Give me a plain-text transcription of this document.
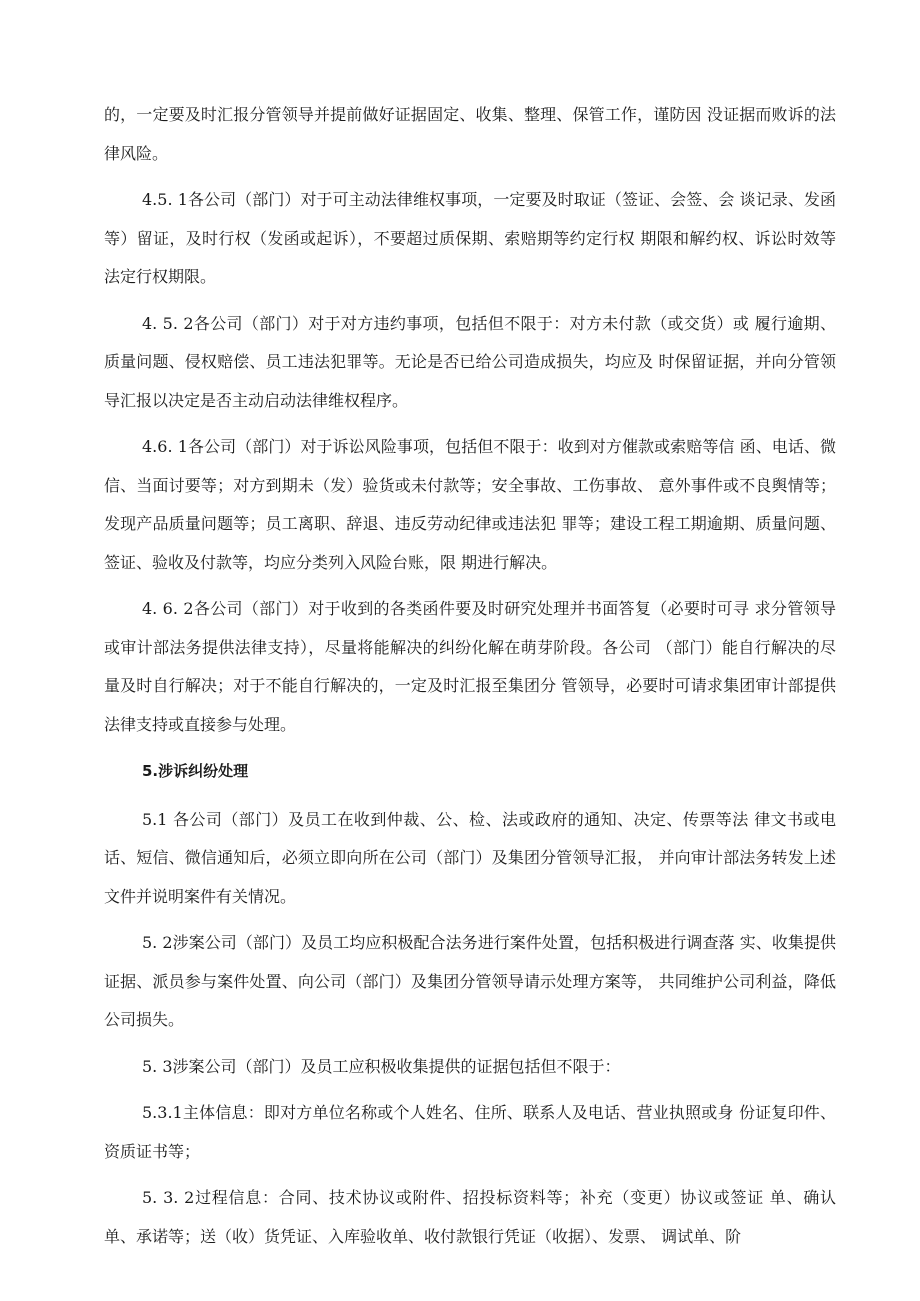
的，一定要及时汇报分管领导并提前做好证据固定、收集、整理、保管工作，谨防因 没证据而败诉的法律风险。

4.5. 1各公司（部门）对于可主动法律维权事项，一定要及时取证（签证、会签、会 谈记录、发函等）留证，及时行权（发函或起诉），不要超过质保期、索赔期等约定行权 期限和解约权、诉讼时效等法定行权期限。

4. 5. 2各公司（部门）对于对方违约事项，包括但不限于：对方未付款（或交货）或 履行逾期、质量问题、侵权赔偿、员工违法犯罪等。无论是否已给公司造成损失，均应及 时保留证据，并向分管领导汇报以决定是否主动启动法律维权程序。

4.6. 1各公司（部门）对于诉讼风险事项，包括但不限于：收到对方催款或索赔等信 函、电话、微信、当面讨要等；对方到期未（发）验货或未付款等；安全事故、工伤事故、 意外事件或不良舆情等；发现产品质量问题等；员工离职、辞退、违反劳动纪律或违法犯 罪等；建设工程工期逾期、质量问题、签证、验收及付款等，均应分类列入风险台账，限 期进行解决。

4. 6. 2各公司（部门）对于收到的各类函件要及时研究处理并书面答复（必要时可寻 求分管领导或审计部法务提供法律支持），尽量将能解决的纠纷化解在萌芽阶段。各公司 （部门）能自行解决的尽量及时自行解决；对于不能自行解决的，一定及时汇报至集团分 管领导，必要时可请求集团审计部提供法律支持或直接参与处理。

5.涉诉纠纷处理

5.1 各公司（部门）及员工在收到仲裁、公、检、法或政府的通知、决定、传票等法 律文书或电话、短信、微信通知后，必须立即向所在公司（部门）及集团分管领导汇报， 并向审计部法务转发上述文件并说明案件有关情况。

5. 2涉案公司（部门）及员工均应积极配合法务进行案件处置，包括积极进行调查落 实、收集提供证据、派员参与案件处置、向公司（部门）及集团分管领导请示处理方案等， 共同维护公司利益，降低公司损失。

5. 3涉案公司（部门）及员工应积极收集提供的证据包括但不限于：

5.3.1主体信息：即对方单位名称或个人姓名、住所、联系人及电话、营业执照或身 份证复印件、资质证书等；

5. 3. 2过程信息：合同、技术协议或附件、招投标资料等；补充（变更）协议或签证 单、确认单、承诺等；送（收）货凭证、入库验收单、收付款银行凭证（收据）、发票、 调试单、阶
